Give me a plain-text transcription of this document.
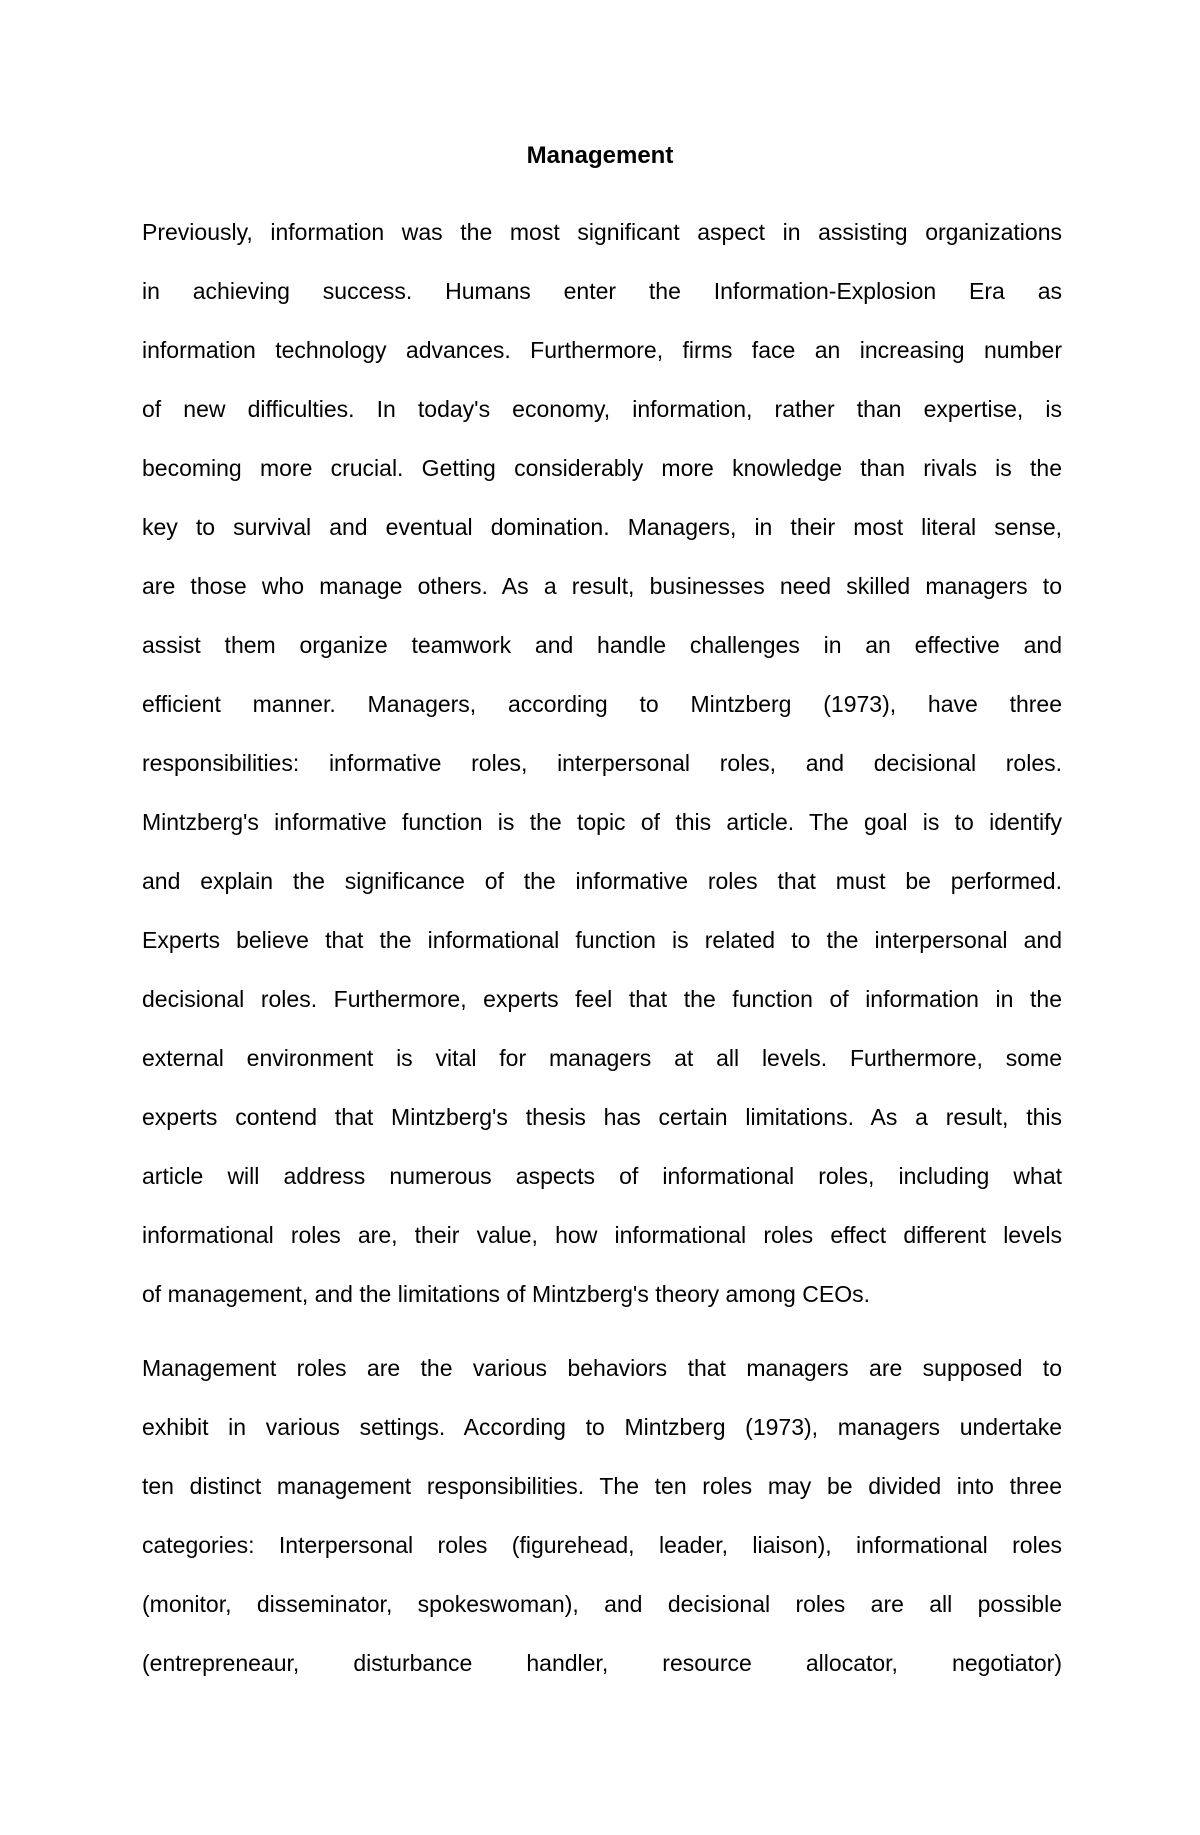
Management
Previously, information was the most significant aspect in assisting organizations
in achieving success. Humans enter the Information-Explosion Era as
information technology advances. Furthermore, firms face an increasing number
of new difficulties. In today's economy, information, rather than expertise, is
becoming more crucial. Getting considerably more knowledge than rivals is the
key to survival and eventual domination. Managers, in their most literal sense,
are those who manage others. As a result, businesses need skilled managers to
assist them organize teamwork and handle challenges in an effective and
efficient manner. Managers, according to Mintzberg (1973), have three
responsibilities: informative roles, interpersonal roles, and decisional roles.
Mintzberg's informative function is the topic of this article. The goal is to identify
and explain the significance of the informative roles that must be performed.
Experts believe that the informational function is related to the interpersonal and
decisional roles. Furthermore, experts feel that the function of information in the
external environment is vital for managers at all levels. Furthermore, some
experts contend that Mintzberg's thesis has certain limitations. As a result, this
article will address numerous aspects of informational roles, including what
informational roles are, their value, how informational roles effect different levels
of management, and the limitations of Mintzberg's theory among CEOs.
Management roles are the various behaviors that managers are supposed to
exhibit in various settings. According to Mintzberg (1973), managers undertake
ten distinct management responsibilities. The ten roles may be divided into three
categories: Interpersonal roles (figurehead, leader, liaison), informational roles
(monitor, disseminator, spokeswoman), and decisional roles are all possible
(entrepreneaur, disturbance handler, resource allocator, negotiator)
